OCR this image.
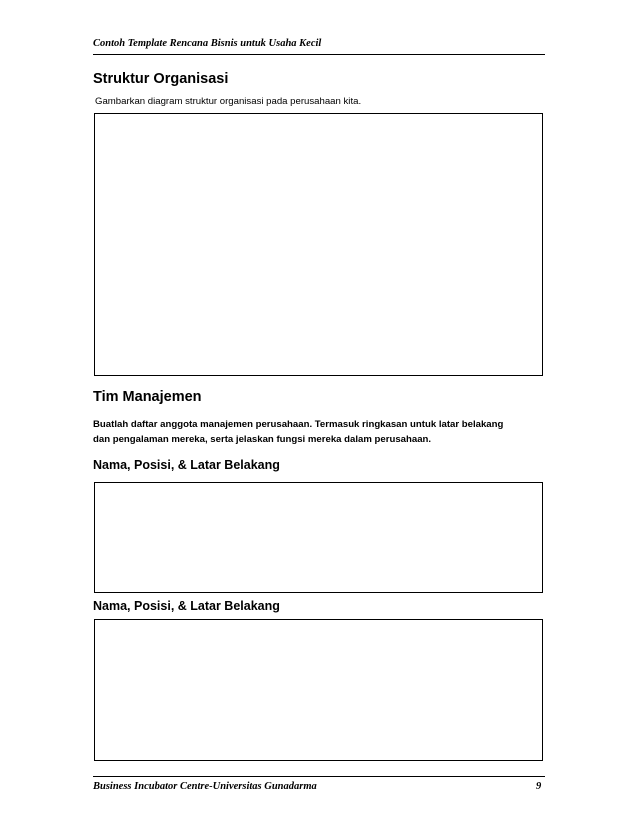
Contoh Template Rencana Bisnis untuk Usaha Kecil
Struktur Organisasi
Gambarkan diagram struktur organisasi pada perusahaan kita.
Tim Manajemen
Buatlah daftar anggota manajemen perusahaan. Termasuk ringkasan untuk latar belakang
dan pengalaman mereka, serta jelaskan fungsi mereka dalam perusahaan.
Nama, Posisi, & Latar Belakang
Nama, Posisi, & Latar Belakang
Business Incubator Centre-Universitas Gunadarma	9
